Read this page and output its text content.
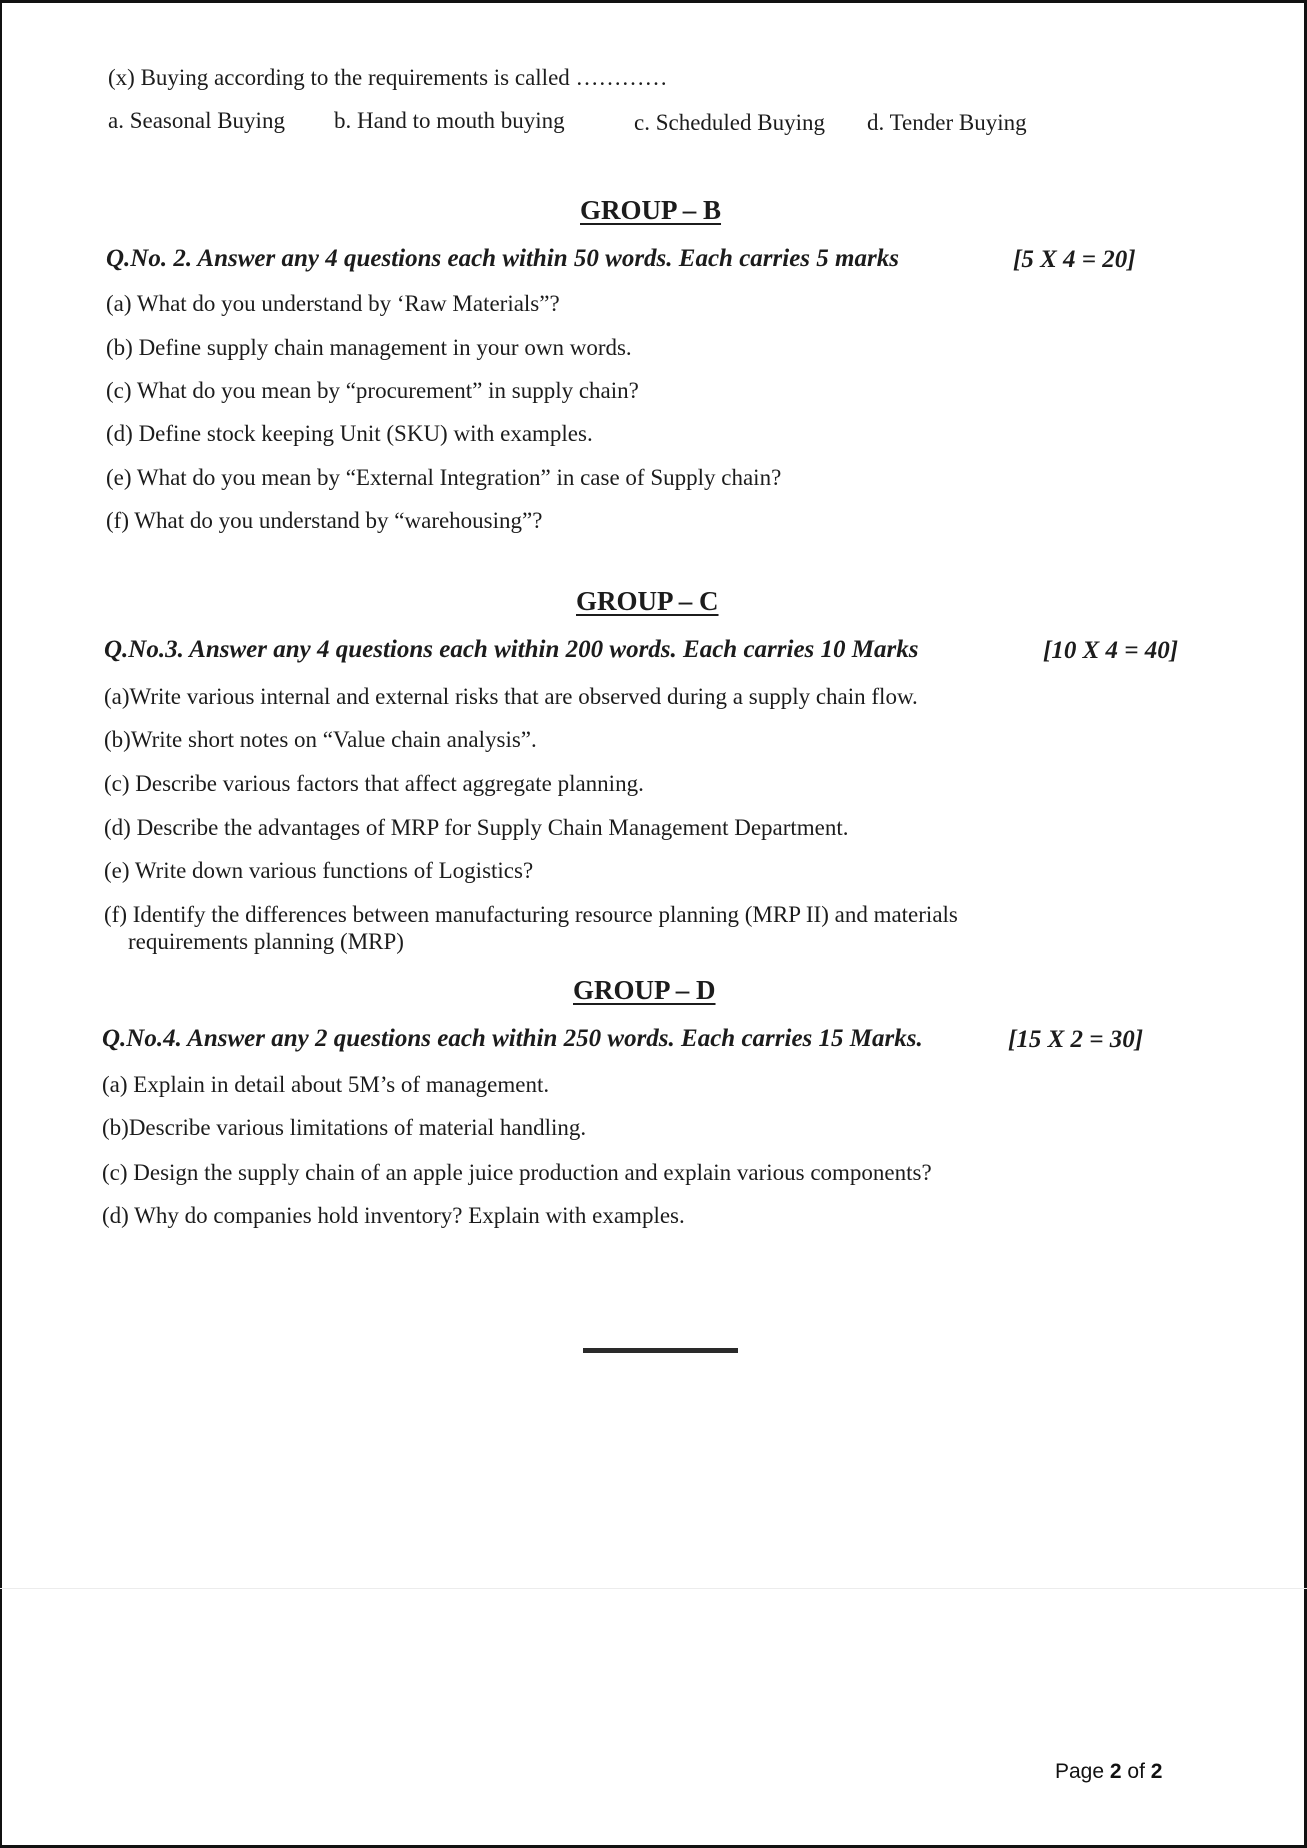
(x) Buying according to the requirements is called …………
a. Seasonal Buying b. Hand to mouth buying	c. Scheduled Buying d. Tender Buying
GROUP – B
Q.No. 2. Answer any 4 questions each within 50 words. Each carries 5 marks	[5 X 4 = 20]
(a) What do you understand by ‘Raw Materials”?
(b) Define supply chain management in your own words.
(c) What do you mean by “procurement” in supply chain?
(d) Define stock keeping Unit (SKU) with examples.
(e) What do you mean by “External Integration” in case of Supply chain?
(f) What do you understand by “warehousing”?
GROUP – C
Q.No.3. Answer any 4 questions each within 200 words. Each carries 10 Marks	[10 X 4 = 40]
(a)Write various internal and external risks that are observed during a supply chain flow.
(b)Write short notes on “Value chain analysis”.
(c) Describe various factors that affect aggregate planning.
(d) Describe the advantages of MRP for Supply Chain Management Department.
(e) Write down various functions of Logistics?
(f) Identify the differences between manufacturing resource planning (MRP II) and materials
requirements planning (MRP)
GROUP – D
Q.No.4. Answer any 2 questions each within 250 words. Each carries 15 Marks.	[15 X 2 = 30]
(a) Explain in detail about 5M’s of management.
(b)Describe various limitations of material handling.
(c) Design the supply chain of an apple juice production and explain various components?
(d) Why do companies hold inventory? Explain with examples.
Page 2 of 2
